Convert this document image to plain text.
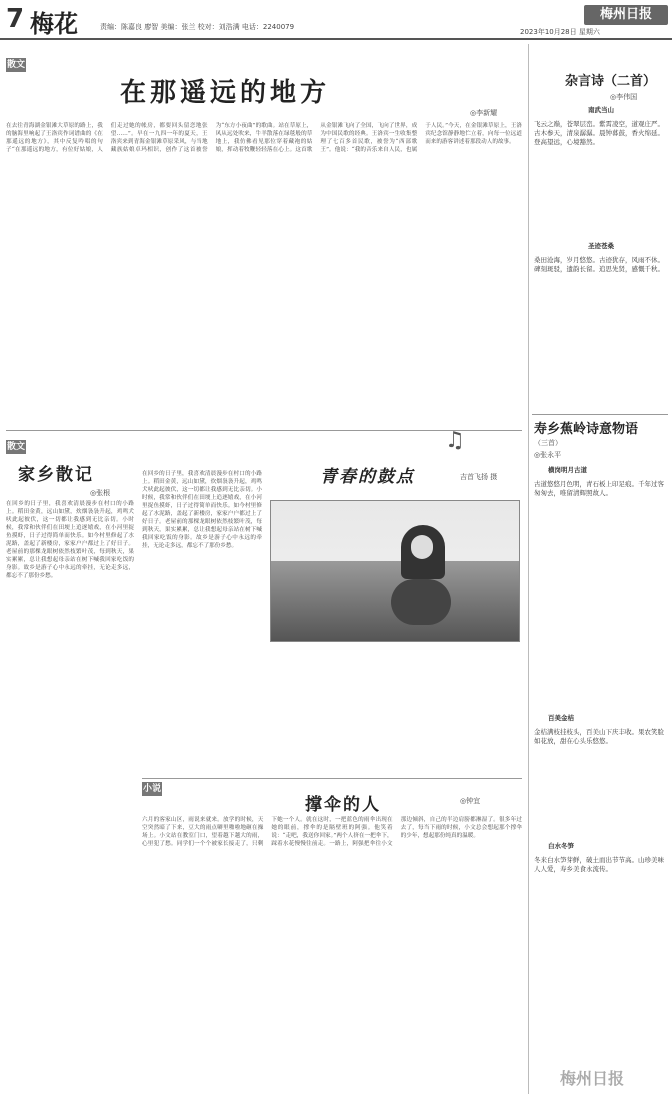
7 梅花	责编：陈嘉良 廖智 美编：张兰 校对：刘浩满 电话：2240079
梅州日报
2023年10月28日 星期六
散文
在那遥远的地方
◎李新耀
在去往青海湖金银滩大草原的路上，我的脑海里响起了王洛宾作词谱曲的《在那遥远的地方》，其中反复吟唱的句子“在那遥远的地方，有位好姑娘，人们走过她的帐房，都要回头留恋地张望……”。早在一九四一年的夏天，王洛宾来到青海金银滩草原采风，与当地藏族姑娘卓玛相识，创作了这首被誉为“东方小夜曲”的歌曲。站在草原上，风从远处吹来，牛羊散落在绿毯般的草地上，我仿佛看见那位穿着藏袍的姑娘，挥动着牧鞭轻轻落在心上。这首歌从金银滩飞向了全国，飞向了世界，成为中国民歌的经典。王洛宾一生收集整理了七百多首民歌，被誉为“西部歌王”。他说：“我的音乐来自人民，也属于人民。”今天，在金银滩草原上，王洛宾纪念馆静静地伫立着，向每一位远道而来的游客讲述着那段动人的故事。
散文
家乡散记
◎张根
在回乡的日子里，我喜欢清晨漫步在村口的小路上。稻田金黄，远山如黛，炊烟袅袅升起，鸡鸣犬吠此起彼伏，这一切都让我感到无比亲切。小时候，我常和伙伴们在田埂上追逐嬉戏，在小河里捉鱼摸虾，日子过得简单而快乐。如今村里修起了水泥路，盖起了新楼房，家家户户都过上了好日子。老屋前的那棵龙眼树依然枝繁叶茂，每到秋天，果实累累，总让我想起母亲站在树下喊我回家吃饭的身影。故乡是游子心中永远的牵挂，无论走多远，都忘不了那份乡愁。
♫
青春的鼓点	吉首飞扬 摄
在回乡的日子里，我喜欢清晨漫步在村口的小路上。稻田金黄，远山如黛，炊烟袅袅升起，鸡鸣犬吠此起彼伏，这一切都让我感到无比亲切。小时候，我常和伙伴们在田埂上追逐嬉戏，在小河里捉鱼摸虾，日子过得简单而快乐。如今村里修起了水泥路，盖起了新楼房，家家户户都过上了好日子。老屋前的那棵龙眼树依然枝繁叶茂，每到秋天，果实累累，总让我想起母亲站在树下喊我回家吃饭的身影。故乡是游子心中永远的牵挂，无论走多远，都忘不了那份乡愁。
小说
撑伞的人	◎钟宜
六月的客家山区，雨说来就来。放学的时候，天空突然暗了下来，豆大的雨点噼里啪啦地砸在操场上。小文站在教室门口，望着越下越大的雨，心里犯了愁。同学们一个个被家长接走了，只剩下她一个人。就在这时，一把蓝色的雨伞出现在她的眼前，撑伞的是隔壁班的阿强。他笑着说：“走吧，我送你回家。”两个人挤在一把伞下，踩着水花慢慢往前走。一路上，阿强把伞往小文那边倾斜，自己的半边肩膀都淋湿了。很多年过去了，每当下雨的时候，小文总会想起那个撑伞的少年，想起那份纯真的温暖。
杂言诗（二首）
◎李伟国
南武当山
飞云之巅，苍翠层峦。紫霄凌空，道观庄严。古木参天，清泉潺潺。晨钟暮鼓，香火绵延。登高望远，心境豁然。
圣迹苍桑
桑田沧海，岁月悠悠。古迹犹存，风雨不休。碑刻斑驳，遗韵长留。追思先贤，感慨千秋。
寿乡蕉岭诗意物语
（三首）
◎张永平
横岗明月古道
古道悠悠月色明，青石板上印足痕。千年过客匆匆去，唯留清辉照故人。
百美金桔
金桔满枝挂枝头，百美山下庆丰收。果农笑脸如花放，甜在心头乐悠悠。
白水冬笋
冬来白水笋芽鲜，破土而出节节高。山珍美味人人爱，寿乡美食永流传。
梅州日报
